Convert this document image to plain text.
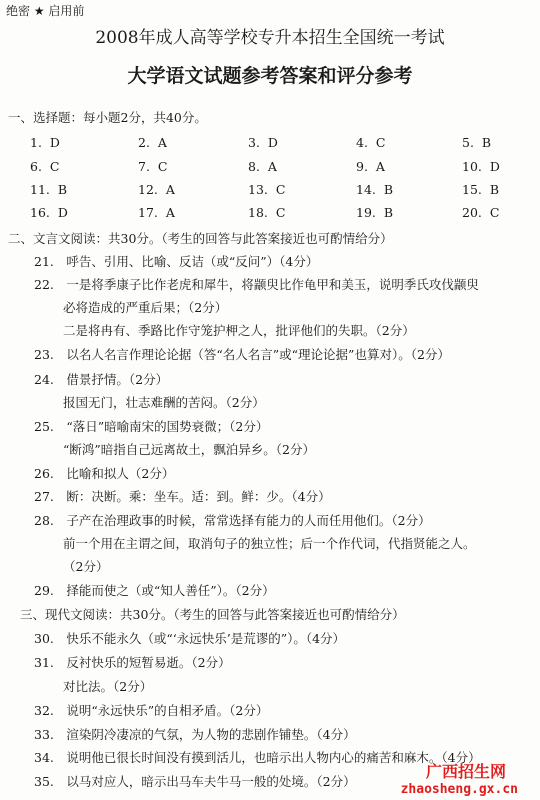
绝密 ★ 启用前
2008年成人高等学校专升本招生全国统一考试
大学语文试题参考答案和评分参考
一、选择题：每小题2分，共40分。
1. D	2. A	3. D	4. C	5. B
6. C	7. C	8. A	9. A	10. D
11. B	12. A	13. C	14. B	15. B
16. D	17. A	18. C	19. B	20. C
二、文言文阅读：共30分。（考生的回答与此答案接近也可酌情给分）
21.　呼告、引用、比喻、反诘（或“反问”）（4分）
22.　一是将季康子比作老虎和犀牛，将颛臾比作龟甲和美玉，说明季氏攻伐颛臾
必将造成的严重后果；（2分）
二是将冉有、季路比作守笼护柙之人，批评他们的失职。（2分）
23.　以名人名言作理论论据（答“名人名言”或“理论论据”也算对）。（2分）
24.　借景抒情。（2分）
报国无门，壮志难酬的苦闷。（2分）
25.　“落日”暗喻南宋的国势衰微；（2分）
“断鸿”暗指自己远离故土，飘泊异乡。（2分）
26.　比喻和拟人（2分）
27.　断：决断。乘：坐车。适：到。鲜：少。（4分）
28.　子产在治理政事的时候，常常选择有能力的人而任用他们。（2分）
前一个用在主谓之间，取消句子的独立性；后一个作代词，代指贤能之人。
（2分）
29.　择能而使之（或“知人善任”）。（2分）
三、现代文阅读：共30分。（考生的回答与此答案接近也可酌情给分）
30.　快乐不能永久（或“‘永远快乐’是荒谬的”）。（4分）
31.　反衬快乐的短暂易逝。（2分）
对比法。（2分）
32.　说明“永远快乐”的自相矛盾。（2分）
33.　渲染阴冷凄凉的气氛，为人物的悲剧作铺垫。（4分）
34.　说明他已很长时间没有摸到活儿，也暗示出人物内心的痛苦和麻木。（4分）
35.　以马对应人，暗示出马车夫牛马一般的处境。（2分）
广西招生网
zhaosheng.gx.cn
